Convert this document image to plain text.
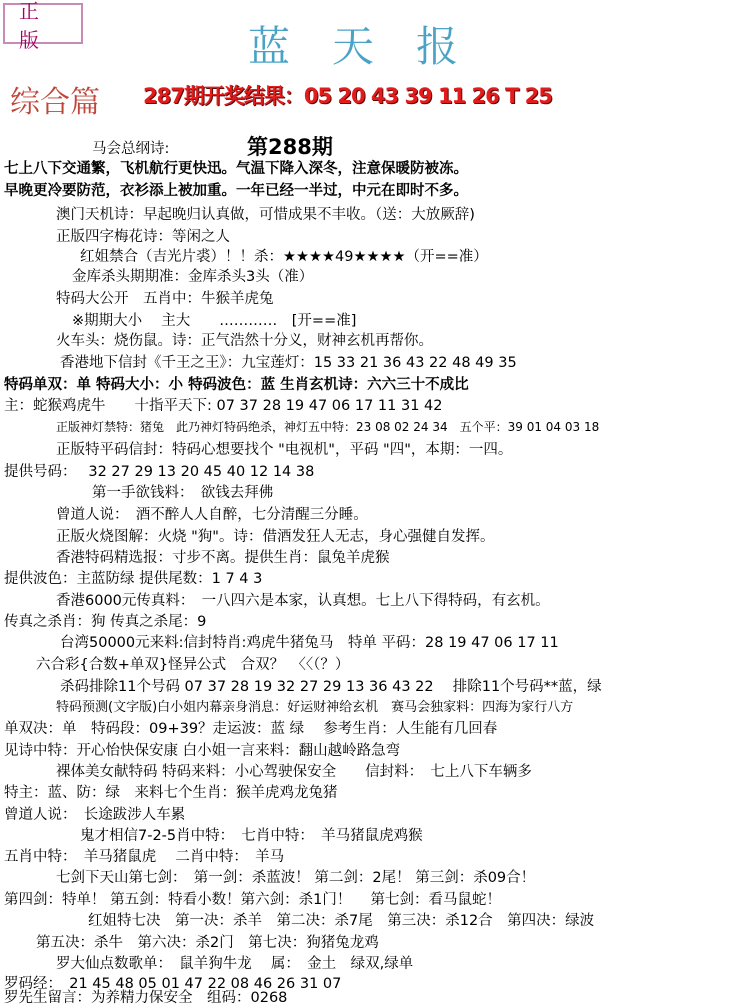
正版	蓝天报
综合篇 287期开奖结果：05 20 43 39 11 26 T 25
第288期
马会总纲诗:
七上八下交通繁，飞机航行更快迅。气温下降入深冬，注意保暖防被冻。
早晚更冷要防范，衣衫添上被加重。一年已经一半过，中元在即时不多。
澳门天机诗：早起晚归认真做，可惜成果不丰收。（送：大放厥辞)
正版四字梅花诗：等闲之人
红姐禁合（吉光片裘）！！杀：★★★★49★★★★（开==准）
金库杀头期期准：金库杀头3头（准）
特码大公开　五肖中：牛猴羊虎兔
※期期大小　 主大　　…………　[开==准]
火车头：烧伤鼠。诗：正气浩然十分义，财神玄机再帮你。
香港地下信封《千王之王》：九宝莲灯：15 33 21 36 43 22 48 49 35
特码单双：单 特码大小：小 特码波色：蓝 生肖玄机诗：六六三十不成比
主：蛇猴鸡虎牛　　十指平天下: 07 37 28 19 47 06 17 11 31 42
正版神灯禁特：猪兔　此乃神灯特码绝杀，神灯五中特：23 08 02 24 34　五个平：39 01 04 03 18
正版特平码信封：特码心想要找个 "电视机"，平码 "四"，本期：一四。
提供号码：　 32 27 29 13 20 45 40 12 14 38
第一手欲钱料：　欲钱去拜佛
曾道人说：　酒不醉人人自醉，七分清醒三分睡。
正版火烧图解：火烧 "狗"。诗：借酒发狂人无志，身心强健自发挥。
香港特码精选报：寸步不离。提供生肖：鼠兔羊虎猴
提供波色：主蓝防绿 提供尾数：1 7 4 3
香港6000元传真料：　一八四六是本家，认真想。七上八下得特码，有玄机。
传真之杀肖：狗 传真之杀尾：9
台湾50000元来料:信封特肖:鸡虎牛猪兔马　特单 平码：28 19 47 06 17 11
六合彩{合数+单双}怪异公式　合双？　〈〈（？）
杀码排除11个号码 07 37 28 19 32 27 29 13 36 43 22　 排除11个号码**蓝，绿
特码预测(文字版)白小姐内幕亲身消息：好运财神给玄机　赛马会独家料：四海为家行八方
单双决：单　特码段：09+39？走运波：蓝 绿　 参考生肖：人生能有几回春
见诗中特：开心怡快保安康 白小姐一言来料：翻山越岭路急弯
裸体美女献特码 特码来料：小心驾驶保安全　　信封料：　七上八下车辆多
特主：蓝、防：绿　来料七个生肖：猴羊虎鸡龙兔猪
曾道人说：　长途跋涉人车累
鬼才相信7-2-5肖中特：　七肖中特：　羊马猪鼠虎鸡猴
五肖中特：　羊马猪鼠虎　 二肖中特：　羊马
七剑下天山第七剑：　第一剑：杀蓝波！ 第二剑：2尾！ 第三剑：杀09合！
第四剑：特单！ 第五剑：特看小数！第六剑：杀1门！　 第七剑：看马鼠蛇！
红姐特七决　第一决：杀羊　第二决：杀7尾　第三决：杀12合　第四决：绿波
第五决：杀牛　第六决：杀2门　第七决：狗猪兔龙鸡
罗大仙点数歌单：　鼠羊狗牛龙　 属：　金土　绿双,绿单
罗码经：　21 45 48 05 01 47 22 08 46 26 31 07
罗先生留言：为养精力保安全　组码：0268
